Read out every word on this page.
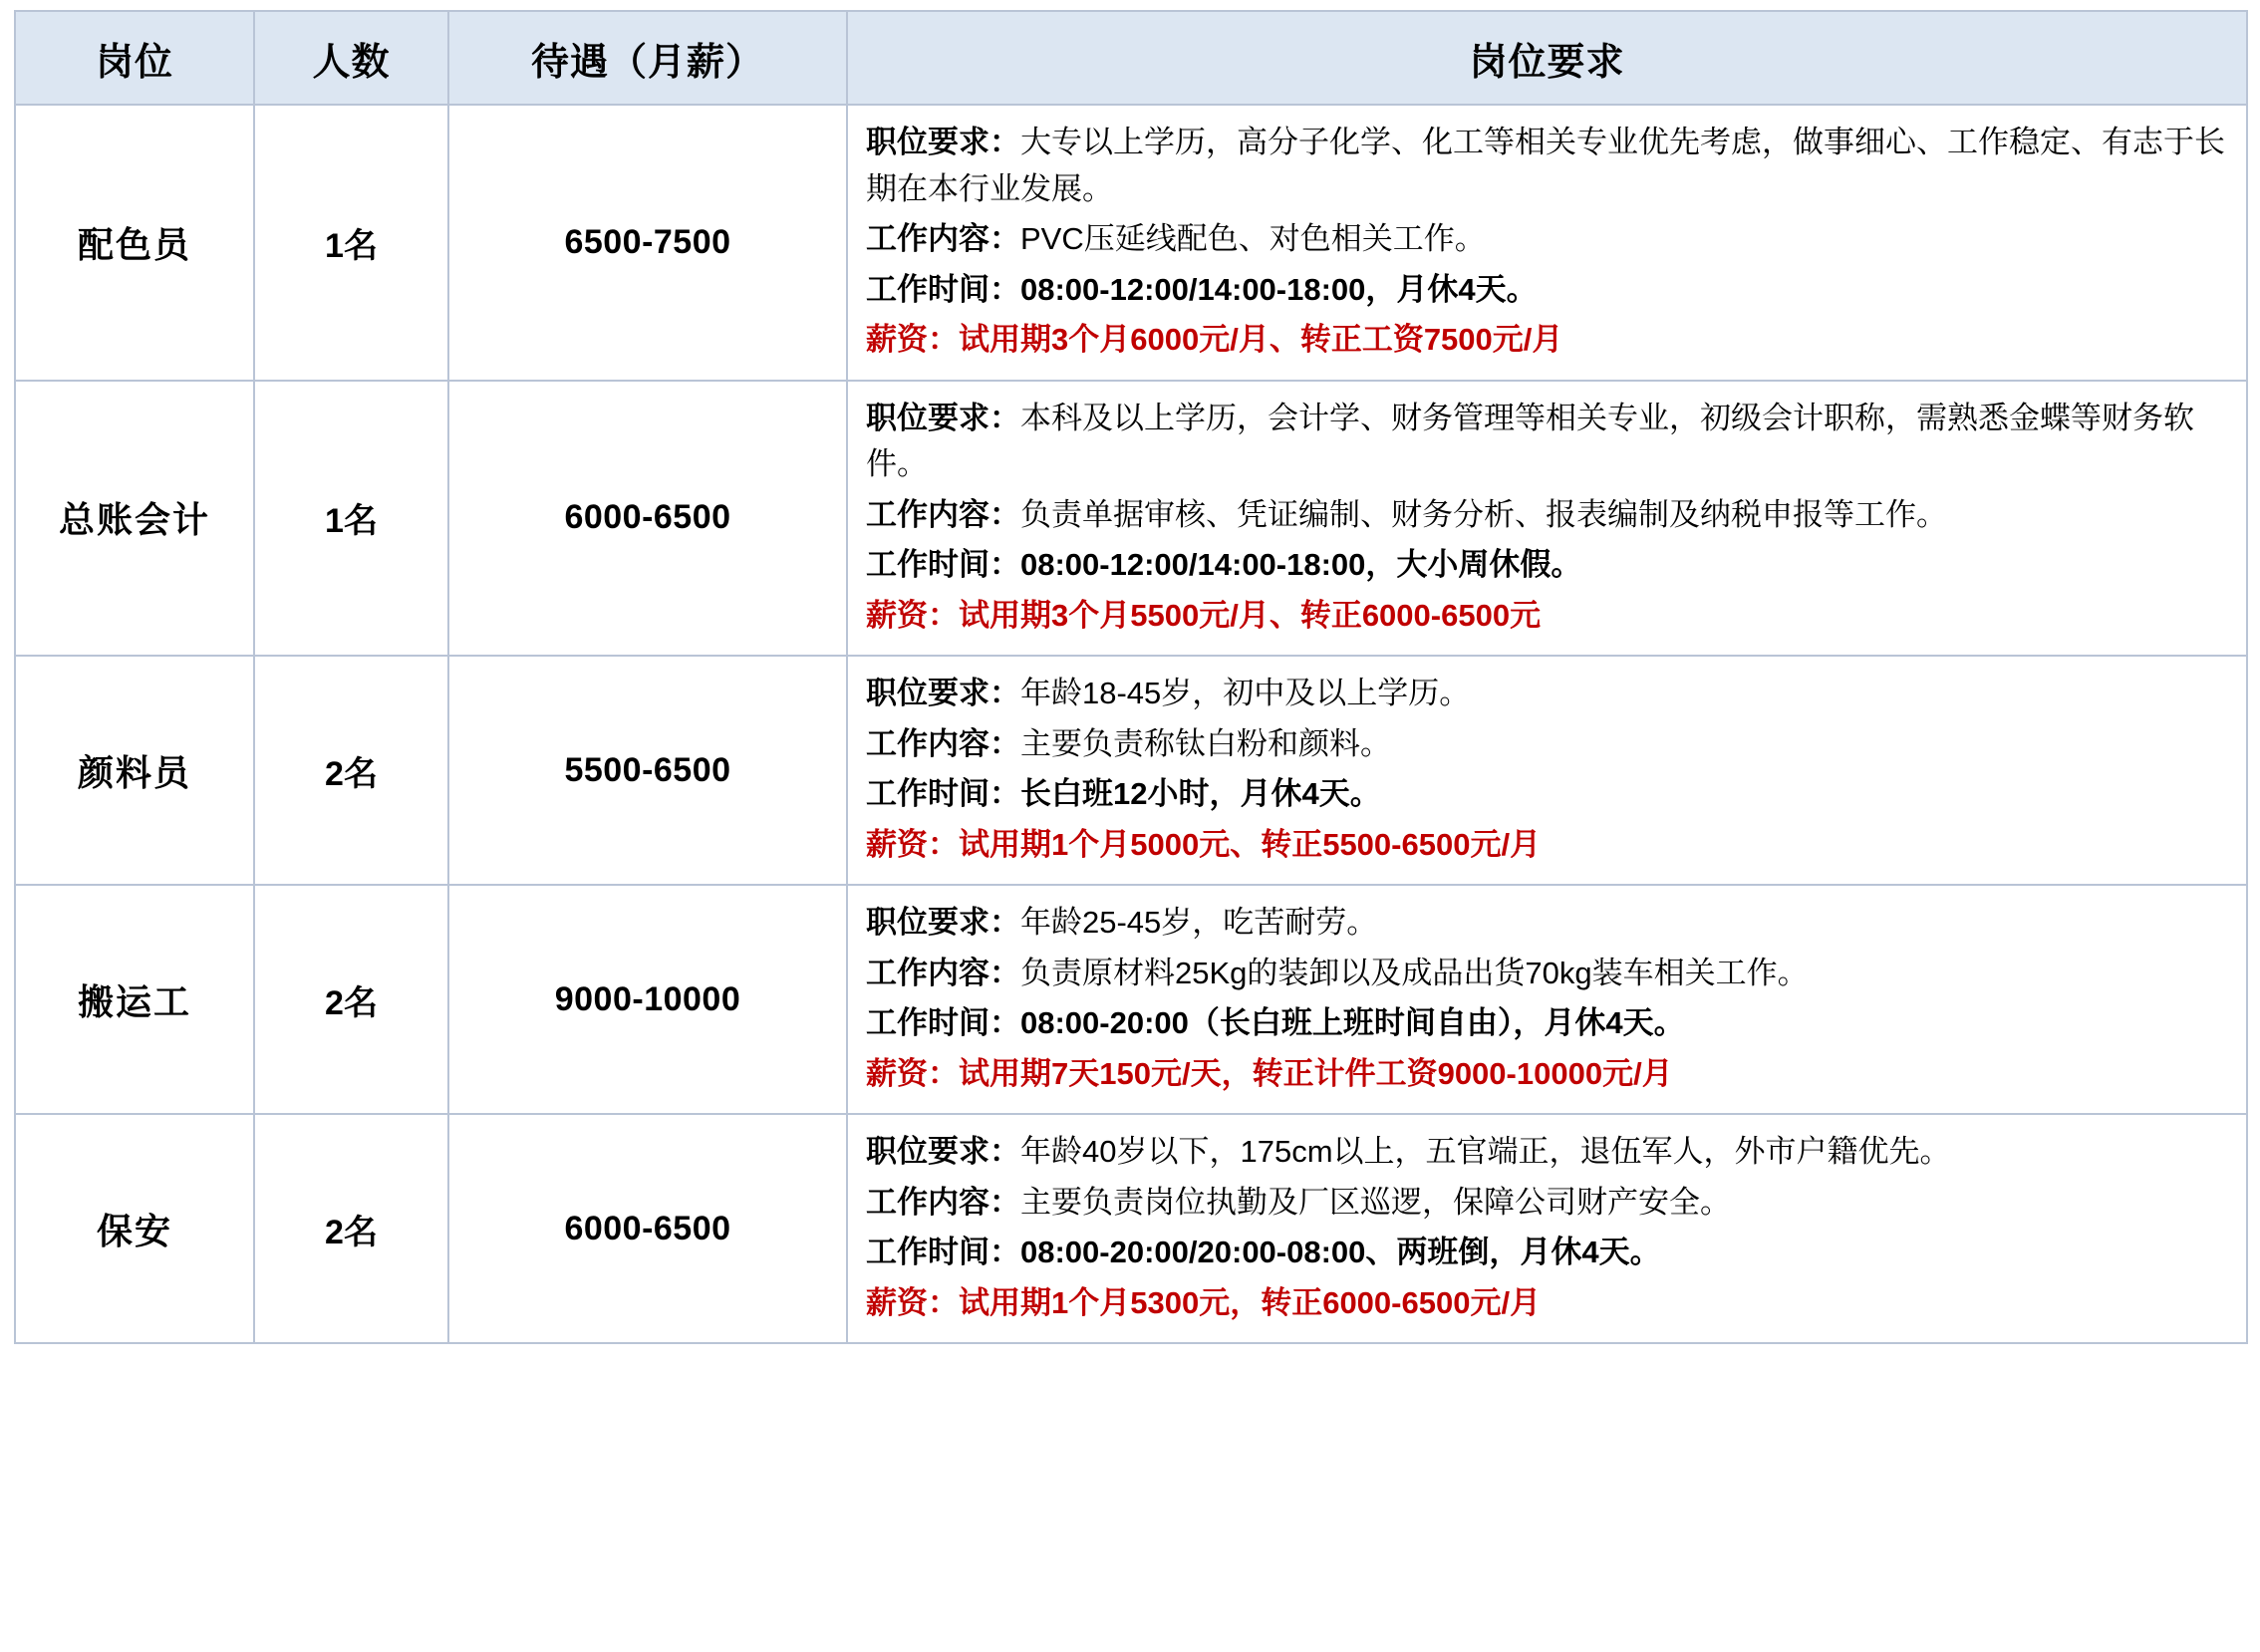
岗位	人数	待遇（月薪）	岗位要求
配色员	1名	6500-7500	职位要求：大专以上学历，高分子化学、化工等相关专业优先考虑，做事细心、工作稳定、有志于长期在本行业发展。
工作内容：PVC压延线配色、对色相关工作。
工作时间：08:00-12:00/14:00-18:00，月休4天。
薪资：试用期3个月6000元/月、转正工资7500元/月

总账会计	1名	6000-6500	职位要求：本科及以上学历，会计学、财务管理等相关专业，初级会计职称，需熟悉金蝶等财务软件。
工作内容：负责单据审核、凭证编制、财务分析、报表编制及纳税申报等工作。
工作时间：08:00-12:00/14:00-18:00，大小周休假。
薪资：试用期3个月5500元/月、转正6000-6500元

颜料员	2名	5500-6500	职位要求：年龄18-45岁，初中及以上学历。
工作内容：主要负责称钛白粉和颜料。
工作时间：长白班12小时，月休4天。
薪资：试用期1个月5000元、转正5500-6500元/月

搬运工	2名	9000-10000	职位要求：年龄25-45岁，吃苦耐劳。
工作内容：负责原材料25Kg的装卸以及成品出货70kg装车相关工作。
工作时间：08:00-20:00（长白班上班时间自由），月休4天。
薪资：试用期7天150元/天，转正计件工资9000-10000元/月

保安	2名	6000-6500	职位要求：年龄40岁以下，175cm以上，五官端正，退伍军人，外市户籍优先。
工作内容：主要负责岗位执勤及厂区巡逻，保障公司财产安全。
工作时间：08:00-20:00/20:00-08:00、两班倒，月休4天。
薪资：试用期1个月5300元，转正6000-6500元/月
